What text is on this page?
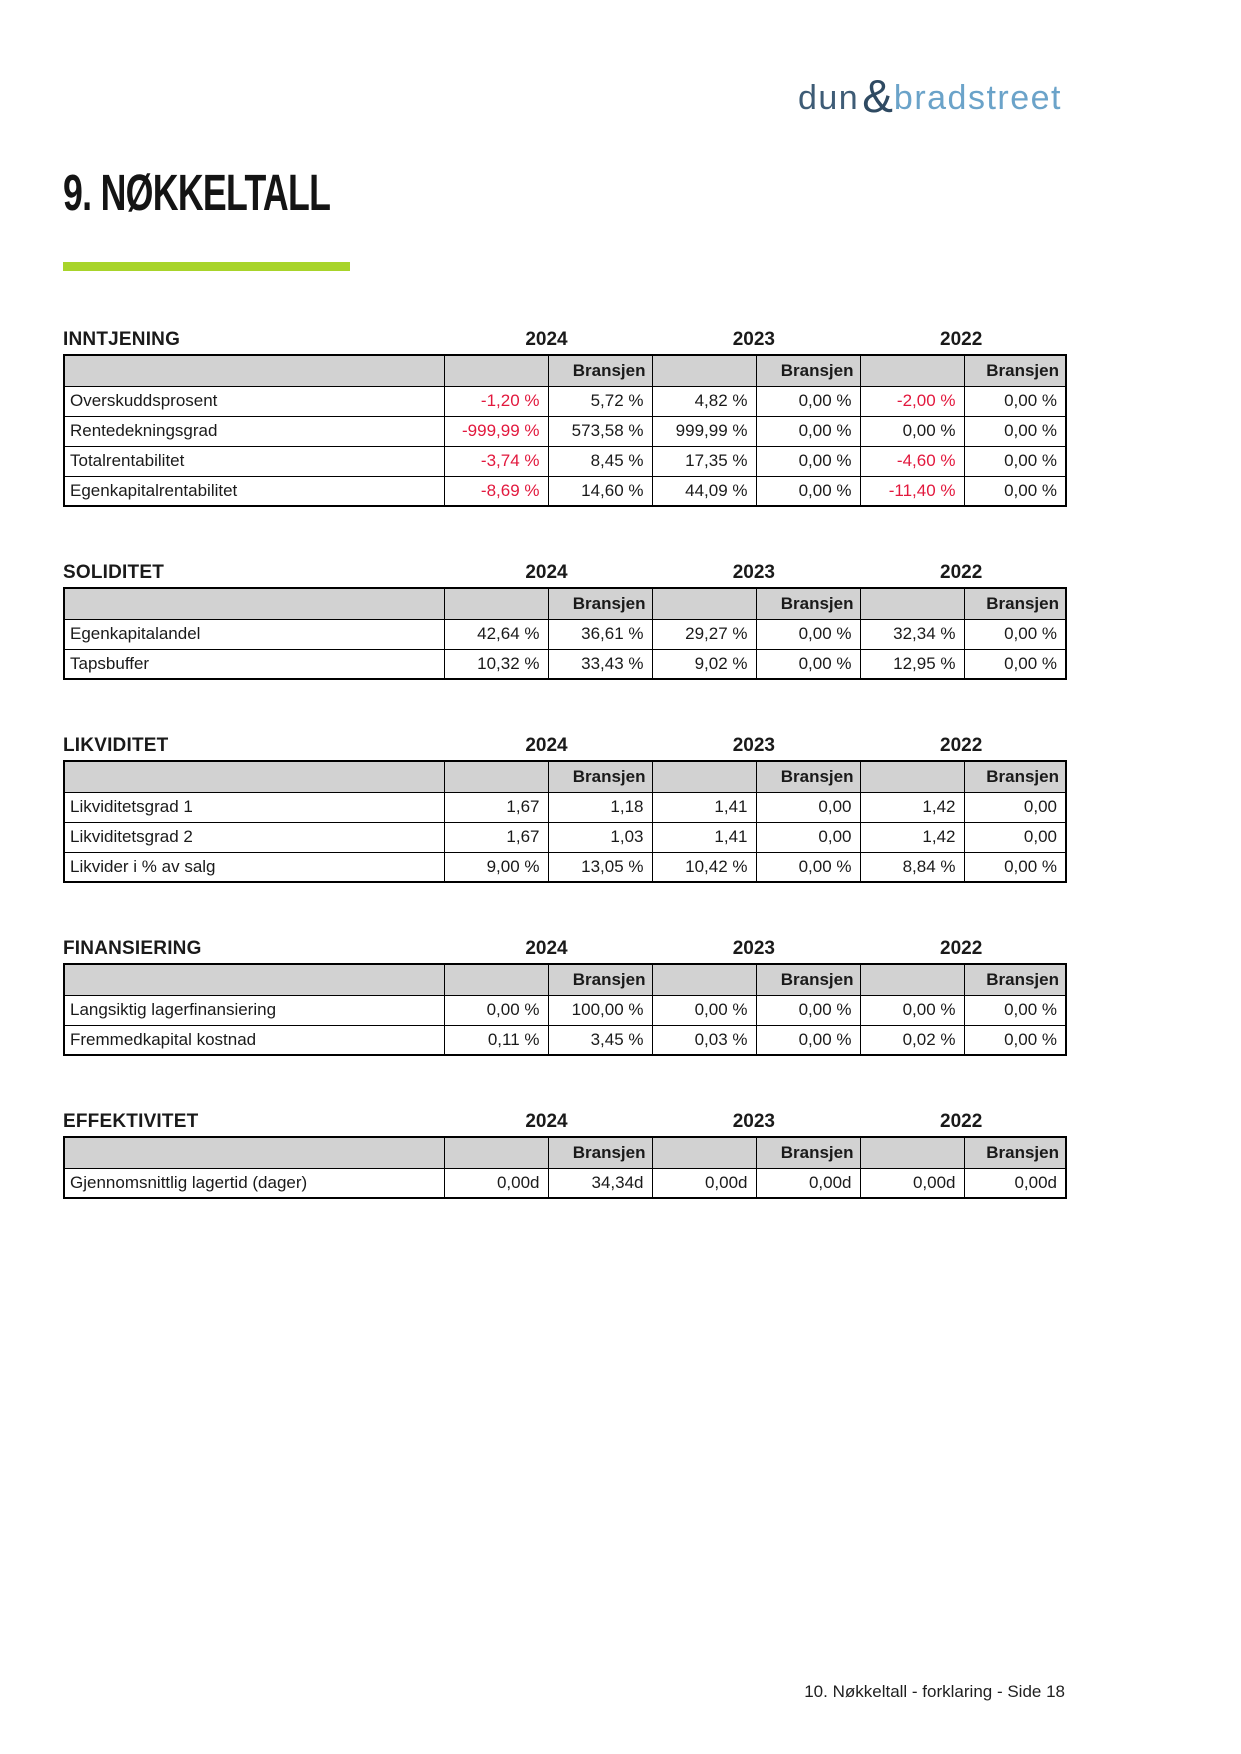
dun & bradstreet
9. NØKKELTALL
INNTJENING	2024	2023	2022
		Bransjen		Bransjen		Bransjen
Overskuddsprosent	-1,20 %	5,72 %	4,82 %	0,00 %	-2,00 %	0,00 %
Rentedekningsgrad	-999,99 %	573,58 %	999,99 %	0,00 %	0,00 %	0,00 %
Totalrentabilitet	-3,74 %	8,45 %	17,35 %	0,00 %	-4,60 %	0,00 %
Egenkapitalrentabilitet	-8,69 %	14,60 %	44,09 %	0,00 %	-11,40 %	0,00 %
SOLIDITET	2024	2023	2022
		Bransjen		Bransjen		Bransjen
Egenkapitalandel	42,64 %	36,61 %	29,27 %	0,00 %	32,34 %	0,00 %
Tapsbuffer	10,32 %	33,43 %	9,02 %	0,00 %	12,95 %	0,00 %
LIKVIDITET	2024	2023	2022
		Bransjen		Bransjen		Bransjen
Likviditetsgrad 1	1,67	1,18	1,41	0,00	1,42	0,00
Likviditetsgrad 2	1,67	1,03	1,41	0,00	1,42	0,00
Likvider i % av salg	9,00 %	13,05 %	10,42 %	0,00 %	8,84 %	0,00 %
FINANSIERING	2024	2023	2022
		Bransjen		Bransjen		Bransjen
Langsiktig lagerfinansiering	0,00 %	100,00 %	0,00 %	0,00 %	0,00 %	0,00 %
Fremmedkapital kostnad	0,11 %	3,45 %	0,03 %	0,00 %	0,02 %	0,00 %
EFFEKTIVITET	2024	2023	2022
		Bransjen		Bransjen		Bransjen
Gjennomsnittlig lagertid (dager)	0,00d	34,34d	0,00d	0,00d	0,00d	0,00d
10. Nøkkeltall - forklaring - Side 18
